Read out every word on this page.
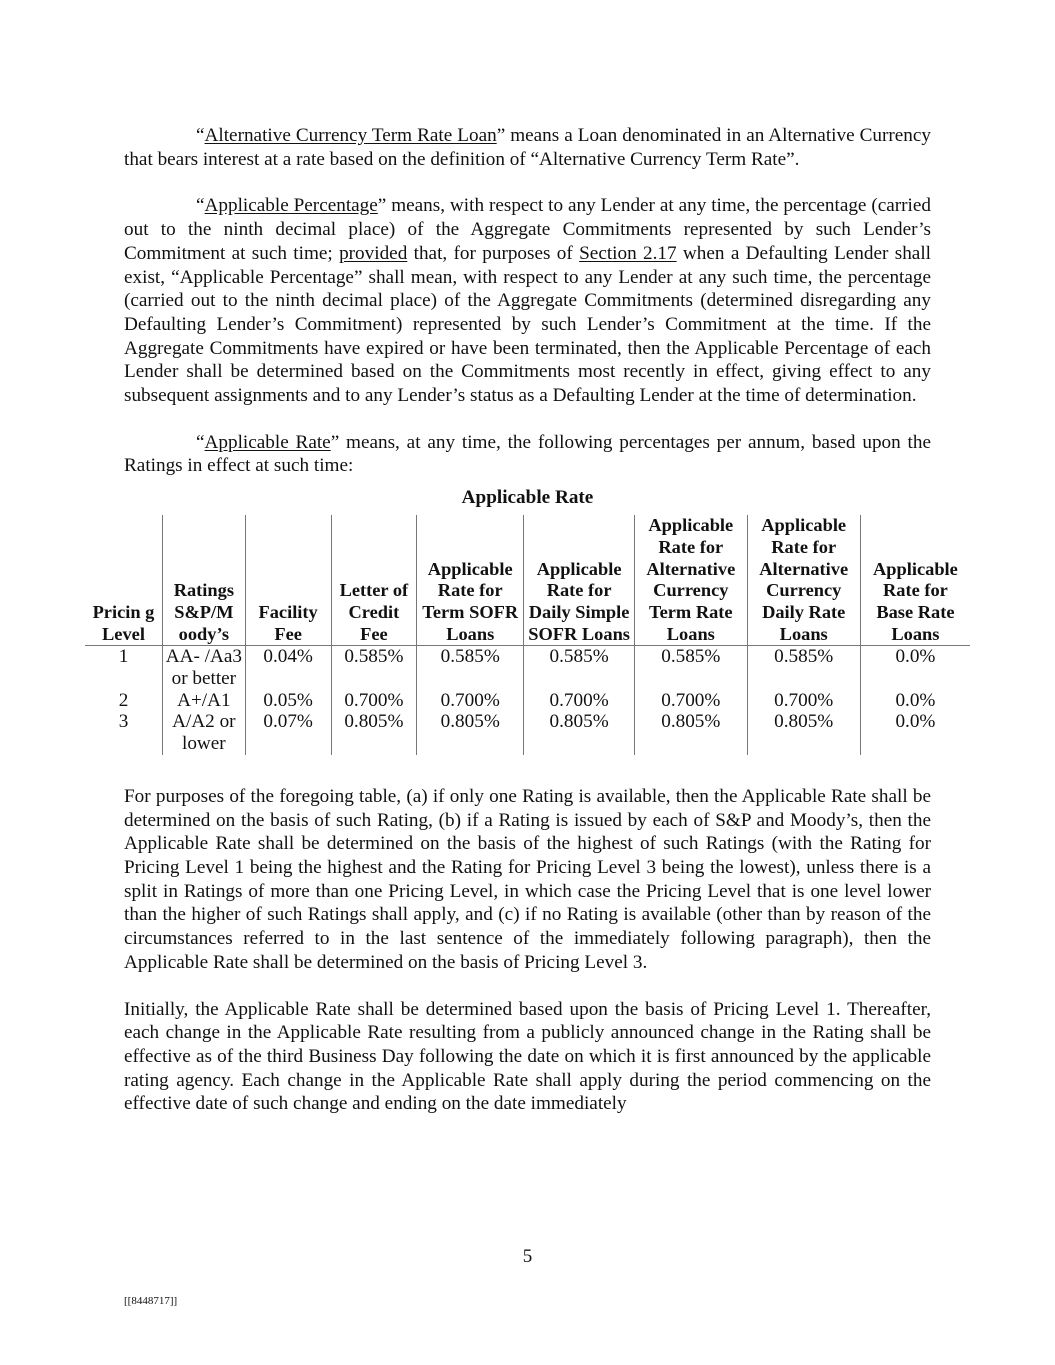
“Alternative Currency Term Rate Loan” means a Loan denominated in an Alternative Currency that bears interest at a rate based on the definition of “Alternative Currency Term Rate”.

“Applicable Percentage” means, with respect to any Lender at any time, the percentage (carried out to the ninth decimal place) of the Aggregate Commitments represented by such Lender’s Commitment at such time; provided that, for purposes of Section 2.17 when a Defaulting Lender shall exist, “Applicable Percentage” shall mean, with respect to any Lender at any such time, the percentage (carried out to the ninth decimal place) of the Aggregate Commitments (determined disregarding any Defaulting Lender’s Commitment) represented by such Lender’s Commitment at the time. If the Aggregate Commitments have expired or have been terminated, then the Applicable Percentage of each Lender shall be determined based on the Commitments most recently in effect, giving effect to any subsequent assignments and to any Lender’s status as a Defaulting Lender at the time of determination.

“Applicable Rate” means, at any time, the following percentages per annum, based upon the Ratings in effect at such time:

Applicable Rate
Pricin g Level	Ratings S&P/M oody’s	Facility Fee	Letter of Credit Fee	Applicable Rate for Term SOFR Loans	Applicable Rate for Daily Simple SOFR Loans	Applicable Rate for Alternative Currency Term Rate Loans	Applicable Rate for Alternative Currency Daily Rate Loans	Applicable Rate for Base Rate Loans
1	AA- /Aa3 or better	0.04%	0.585%	0.585%	0.585%	0.585%	0.585%	0.0%
2	A+/A1	0.05%	0.700%	0.700%	0.700%	0.700%	0.700%	0.0%
3	A/A2 or lower	0.07%	0.805%	0.805%	0.805%	0.805%	0.805%	0.0%

For purposes of the foregoing table, (a) if only one Rating is available, then the Applicable Rate shall be determined on the basis of such Rating, (b) if a Rating is issued by each of S&P and Moody’s, then the Applicable Rate shall be determined on the basis of the highest of such Ratings (with the Rating for Pricing Level 1 being the highest and the Rating for Pricing Level 3 being the lowest), unless there is a split in Ratings of more than one Pricing Level, in which case the Pricing Level that is one level lower than the higher of such Ratings shall apply, and (c) if no Rating is available (other than by reason of the circumstances referred to in the last sentence of the immediately following paragraph), then the Applicable Rate shall be determined on the basis of Pricing Level 3.

Initially, the Applicable Rate shall be determined based upon the basis of Pricing Level 1. Thereafter, each change in the Applicable Rate resulting from a publicly announced change in the Rating shall be effective as of the third Business Day following the date on which it is first announced by the applicable rating agency. Each change in the Applicable Rate shall apply during the period commencing on the effective date of such change and ending on the date immediately

5
[[8448717]]
